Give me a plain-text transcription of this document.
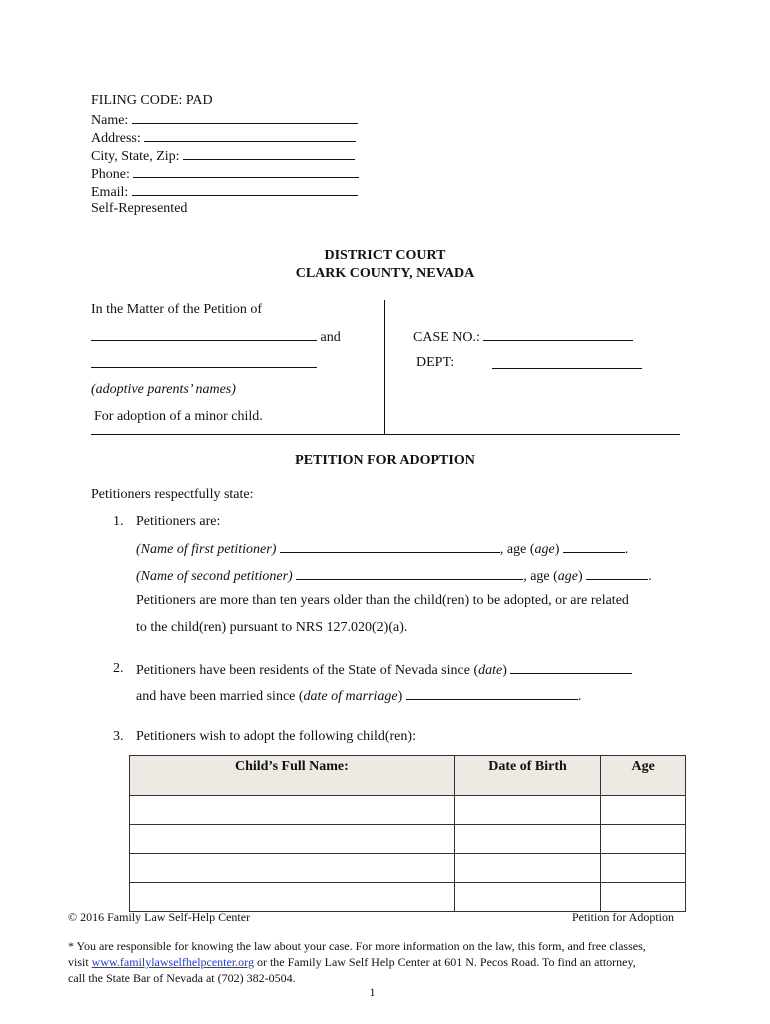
FILING CODE: PAD
Name:
Address:
City, State, Zip:
Phone:
Email:
Self-Represented
DISTRICT COURT
CLARK COUNTY, NEVADA
In the Matter of the Petition of
and
(adoptive parents’ names)
For adoption of a minor child.
CASE NO.:
DEPT:
PETITION FOR ADOPTION
Petitioners respectfully state:
1. Petitioners are:
(Name of first petitioner)	, age (age)	.
(Name of second petitioner)	, age (age)	.
Petitioners are more than ten years older than the child(ren) to be adopted, or are related
to the child(ren) pursuant to NRS 127.020(2)(a).
2. Petitioners have been residents of the State of Nevada since (date)
and have been married since (date of marriage)	.
3. Petitioners wish to adopt the following child(ren):
Child’s Full Name:	Date of Birth	Age

© 2016 Family Law Self-Help Center	Petition for Adoption
* You are responsible for knowing the law about your case. For more information on the law, this form, and free classes,
visit www.familylawselfhelpcenter.org or the Family Law Self Help Center at 601 N. Pecos Road. To find an attorney,
call the State Bar of Nevada at (702) 382-0504.
1
